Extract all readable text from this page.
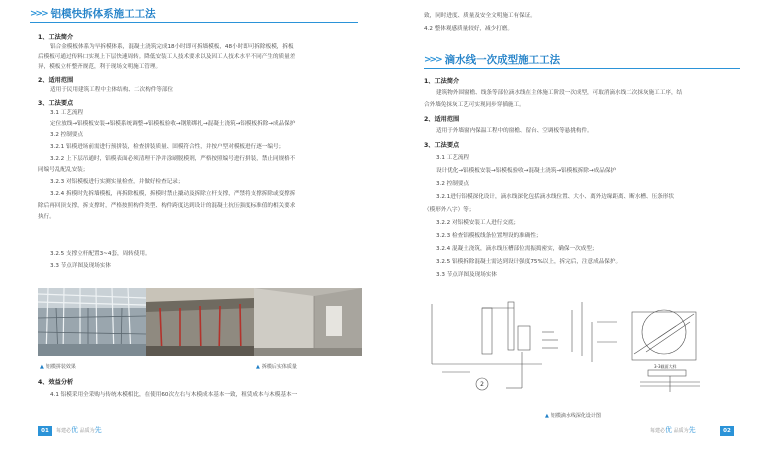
>>> 铝模快拆体系施工工法
1、工法简介
铝合金模板体系为早拆模体系，混凝土浇筑完成18小时即可拆墙模板，48小时即可拆除板模，拆板
后模板可通过传料口实现上下层快速周转。降低安装工人技术要求以及因工人技术水平不同产生的质量差
异，模板立杆整齐规范，利于现场文明施工管理。
2、适用范围
适用于民用建筑工程中主体结构、二次构件等部位
3、工法要点
3.1 工艺流程
定位放线→铝模板安装→铝模系统调整→铝模板验收→钢筋绑扎→混凝土浇筑→铝模板拆除→成品保护
3.2 控制要点
3.2.1 铝模进场前需进行预拼装，检查拼装质量、固模符合性，并按户型对模板进行逐一编号；
3.2.2 上下层吊通时，铝模表面必须清理干净并涂刷脱模剂，严格按照编号进行拼装，禁止同规格不
同编号乱配乱安装；
3.2.3 对铝模板进行实测实量检查，并做好检查记录；
3.2.4 拆模时先拆墙模板，再拆除板模，拆模时禁止撬动及拆除立杆支撑，严禁将支撑拆除或变撑拆
除后再回顶支撑，拆支撑时，严格按照构件类型、构件跨度达到设计的混凝土抗压强度标准值的相关要求
执行。
3.2.5 支撑立杆配置3~4套，周转使用。
3.3 节点详图及现场实体
▲ 铝模拼装效果	▲ 拆模后实体质量
4、效益分析
4.1 铝模采用全采购与传统木模相比，在使用60次左右与木模成本基本一致，租赁成本与木模基本一
01	每建必优 品质为先
致，同时进度、质量及安全文明施工有保证。
4.2 整体观感质量较好，减少打磨。
>>> 滴水线一次成型施工工法
1、工法简介
建筑物外围窗檐、线条等部位滴水线在主体施工阶段一次成型，可取消滴水线二次抹灰施工工序，结
合外墙免抹灰工艺可实现同步穿插施工。
2、适用范围
适用于外墙窗内保温工程中的窗檐、留台、空调板等悬挑构件。
3、工法要点
3.1 工艺流程
设计优化→铝模板安装→铝模板验收→混凝土浇筑→铝模板拆除→成品保护
3.2 控制要点
3.2.1进行铝模深化设计，滴水线深化包括滴水线位置、大小、离外边缘距离、断水槽、压条形状
（模形外八字）等；
3.2.2 对铝模安装工人进行交底；
3.2.3 检查铝模板线条位置埋设的准确性；
3.2.4 混凝土浇筑，滴水线压槽部位需振捣密实，确保一次成型；
3.2.5 铝模拆除混凝土需达到设计强度75%以上，拆完后，注意成品保护。
3.3 节点详图及现场实体
2
3-3截面大样
▲ 铝模滴水线深化设计图
02
每建必优 品质为先
